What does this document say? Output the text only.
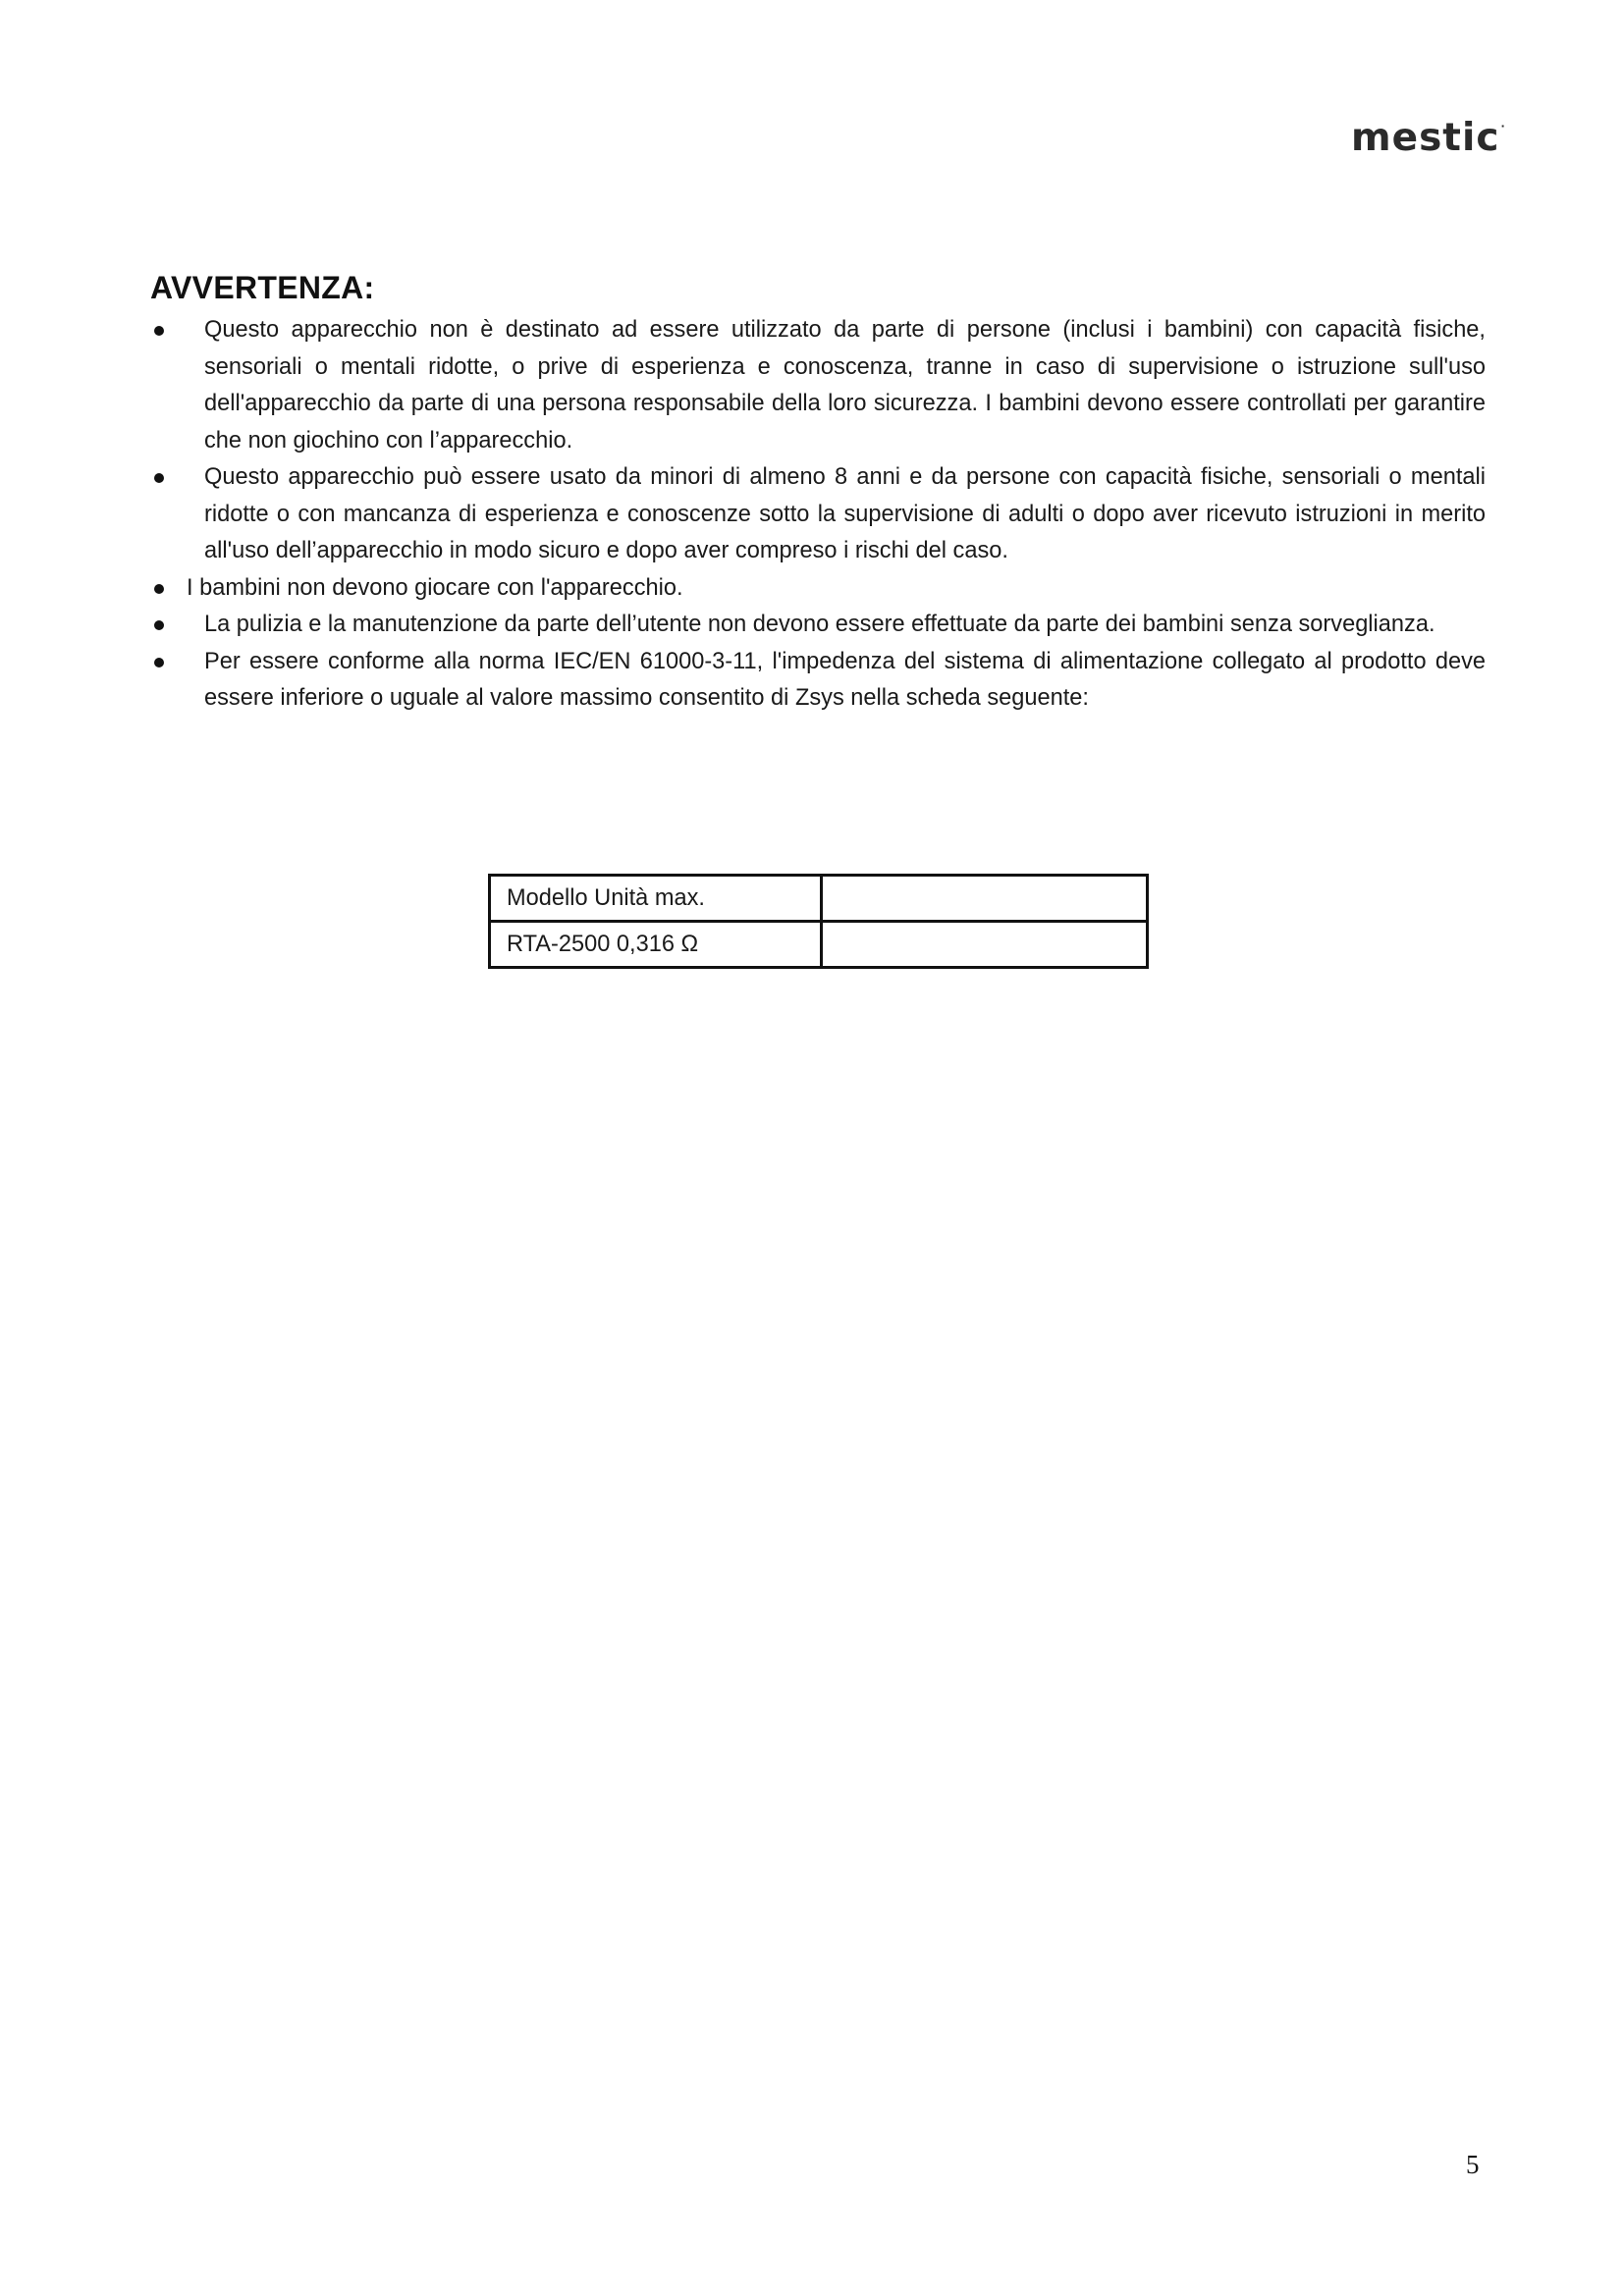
mestic·
AVVERTENZA:
Questo apparecchio non è destinato ad essere utilizzato da parte di persone (inclusi i bambini) con capacità fisiche, sensoriali o mentali ridotte, o prive di esperienza e conoscenza, tranne in caso di supervisione o istruzione sull'uso dell'apparecchio da parte di una persona responsabile della loro sicurezza. I bambini devono essere controllati per garantire che non giochino con l’apparecchio.
Questo apparecchio può essere usato da minori di almeno 8 anni e da persone con capacità fisiche, sensoriali o mentali ridotte o con mancanza di esperienza e conoscenze sotto la supervisione di adulti o dopo aver ricevuto istruzioni in merito all'uso dell’apparecchio in modo sicuro e dopo aver compreso i rischi del caso.
I bambini non devono giocare con l'apparecchio.
La pulizia e la manutenzione da parte dell’utente non devono essere effettuate da parte dei bambini senza sorveglianza.
Per essere conforme alla norma IEC/EN 61000-3-11, l'impedenza del sistema di alimentazione collegato al prodotto deve essere inferiore o uguale al valore massimo consentito di Zsys nella scheda seguente:
Modello Unità max.	
RTA-2500 0,316 Ω	
5
